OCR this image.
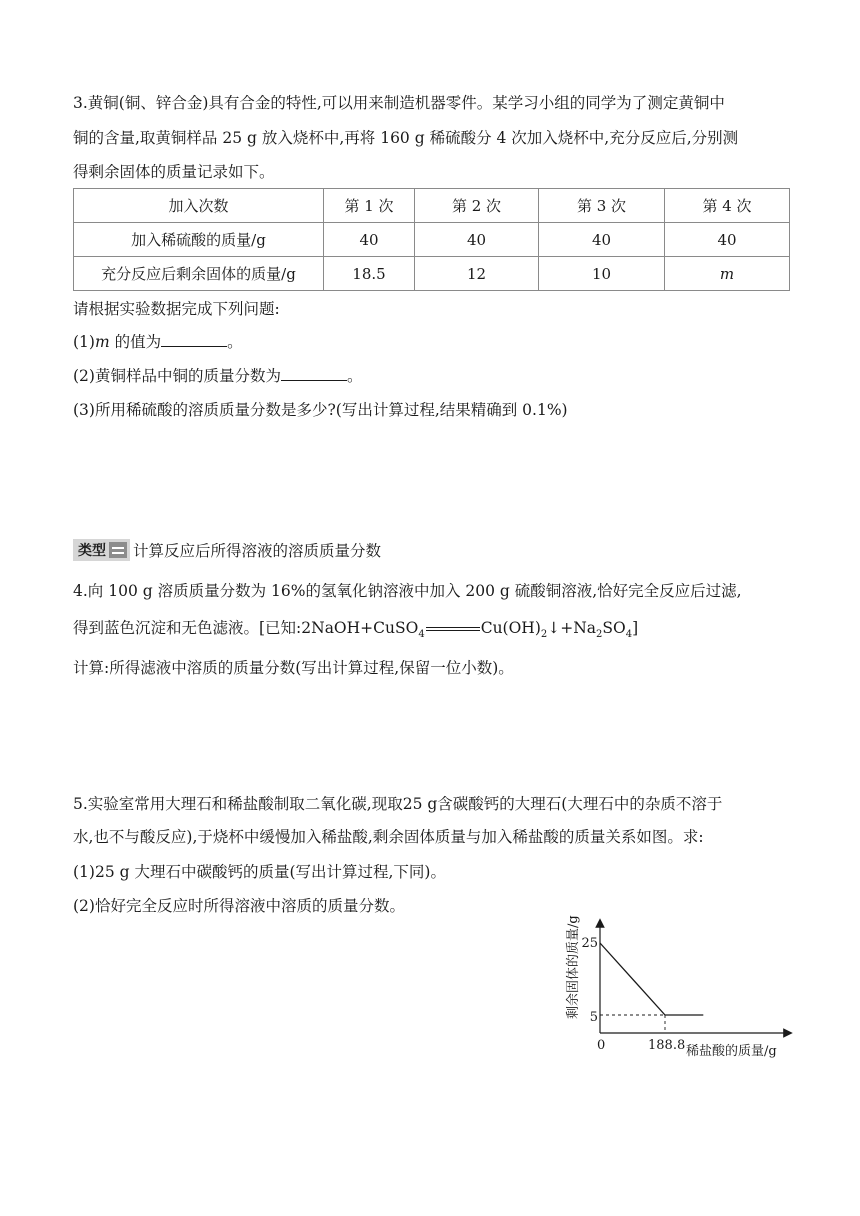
3.黄铜(铜、锌合金)具有合金的特性,可以用来制造机器零件。某学习小组的同学为了测定黄铜中

铜的含量,取黄铜样品 25 g 放入烧杯中,再将 160 g 稀硫酸分 4 次加入烧杯中,充分反应后,分别测

得剩余固体的质量记录如下。

加入次数	第 1 次	第 2 次	第 3 次	第 4 次
加入稀硫酸的质量/g	40	40	40	40
充分反应后剩余固体的质量/g	18.5	12	10	m

请根据实验数据完成下列问题:

(1)m 的值为	。

(2)黄铜样品中铜的质量分数为	。

(3)所用稀硫酸的溶质质量分数是多少?(写出计算过程,结果精确到 0.1%)

类型 计算反应后所得溶液的溶质质量分数

4.向 100 g 溶质质量分数为 16%的氢氧化钠溶液中加入 200 g 硫酸铜溶液,恰好完全反应后过滤,

得到蓝色沉淀和无色滤液。[已知:2NaOH+CuSO$_4$	$Cu(OH)_2↓+Na_2SO_4$]

计算:所得滤液中溶质的质量分数(写出计算过程,保留一位小数)。

5.实验室常用大理石和稀盐酸制取二氧化碳,现取25 g含碳酸钙的大理石(大理石中的杂质不溶于

水,也不与酸反应),于烧杯中缓慢加入稀盐酸,剩余固体质量与加入稀盐酸的质量关系如图。求:

(1)25 g 大理石中碳酸钙的质量(写出计算过程,下同)。

(2)恰好完全反应时所得溶液中溶质的质量分数。

剩余固体的质量/g
稀盐酸的质量/g
0	188.8
25
5
